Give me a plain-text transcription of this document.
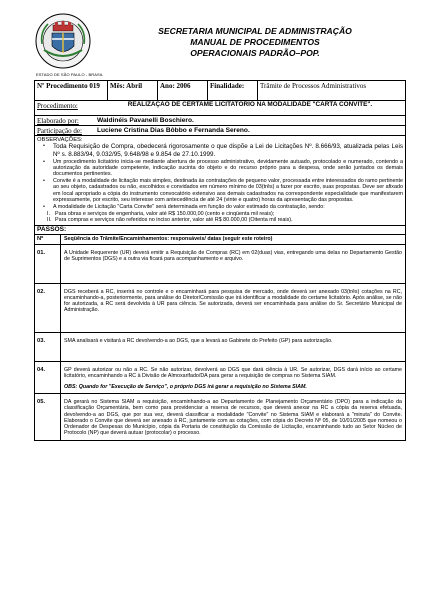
ESTADO DE SÃO PAULO - BRASIL
SECRETARIA MUNICIPAL DE ADMINISTRAÇÃO
MANUAL DE PROCEDIMENTOS
OPERACIONAIS PADRÃO–POP.
Nº Procedimento 019	Mês: Abril	Ano: 2006	Finalidade:	Trâmite de Processos Administrativos
Procedimento:	REALIZAÇÃO DE CERTAME LICITATÓRIO NA MODALIDADE "CARTA CONVITE".
Elaborado por:	Waldinéis Pavanelli Boschiero.
Participação de:	Luciene Cristina Dias Bôbbo e Fernanda Sereno.
OBSERVAÇÕES:
•	Toda Requisição de Compra, obedecerá rigorosamente o que dispõe a Lei de Licitações Nº. 8.666/93, atualizada pelas Leis Nº s. 8.883/94, 9.032/95, 9.648/98 e 9.854 de 27.10.1999.
•	Um procedimento licitatório inicia-se mediante abertura de processo administrativo, devidamente autuado, protocolado e numerado, contendo a autorização da autoridade competente, indicação sucinta do objeto e do recurso próprio para a despesa, onde serão juntados os demais documentos pertinentes.
•	Convite é a modalidade de licitação mais simples, destinada às contratações de pequeno valor, processada entre interessados do ramo pertinente ao seu objeto, cadastrados ou não, escolhidos e convidados em número mínimo de 03(três) a fazer por escrito, suas propostas. Deve ser afixado em local apropriado a cópia do instrumento convocatório extensivo aos demais cadastrados na correspondente especialidade que manifestarem expressamente, por escrito, seu interesse com antecedência de até 24 (vinte e quatro) horas da apresentação das propostas.
•	A modalidade de Licitação "Carta Convite" será determinada em função do valor estimado da contratação, sendo:
I. Para obras e serviços de engenharia, valor até R$ 150.000,00 (cento e cinqüenta mil reais);
II. Para compras e serviços não referidos no inciso anterior, valor até R$ 80.000,00 (Oitenta mil reais).
PASSOS:
Nº	Seqüência do Trâmite/Encaminhamentos: responsáveis/ datas (seguir este roteiro)
01.	A Unidade Requerente (UR) deverá emitir a Requisição de Compras (RC) em 02(duas) vias, entregando uma delas no Departamento Gestão de Suprimentos (DGS) e a outra via ficará para acompanhamento e arquivo.
02.	DGS receberá a RC, inserirá no controle e o encaminhará para pesquisa de mercado, onde deverá ser anexado 03(três) cotações na RC, encaminhando-a, posteriormente, para análise do Diretor/Comissão que irá identificar a modalidade do certame licitatório. Após análise, se não for autorizada, a RC será devolvida à UR para ciência. Se autorizada, deverá ser encaminhada para análise do Sr. Secretário Municipal de Administração.
03.	SMA analisará e visitará a RC devolvendo-a ao DGS, que a levará ao Gabinete do Prefeito (GP) para autorização.
04.	GP deverá autorizar ou não a RC. Se não autorizar, devolverá ao DGS que dará ciência à UR. Se autorizar, DGS dará início ao certame licitatório, encaminhando a RC à Divisão de Almoxarifado/DA para gerar a requisição de compras no Sistema SIAM.
OBS: Quando for "Execução de Serviço", o próprio DGS irá gerar a requisição no Sistema SIAM.
05.	DA gerará no Sistema SIAM a requisição, encaminhando-a ao Departamento de Planejamento Orçamentário (DPO) para a indicação da classificação Orçamentária, bem como para providenciar a reserva de recursos, que deverá anexar na RC a cópia da reserva efetuada, devolvendo-a ao DGS, que por sua vez, deverá classificar a modalidade "Convite" no Sistema SIAM e elaborará a "minuta" do Convite. Elaborado o Convite que deverá ser anexado à RC, juntamente com as cotações, com cópia do Decreto Nº 05, de 10/01/2005 que nomeou o Ordenador de Despesas do Município, cópia da Portaria de constituição da Comissão de Licitação, encaminhando tudo ao Setor Núcleo de Protocolo (NP) que deverá autuar (protocolar) o processo.
